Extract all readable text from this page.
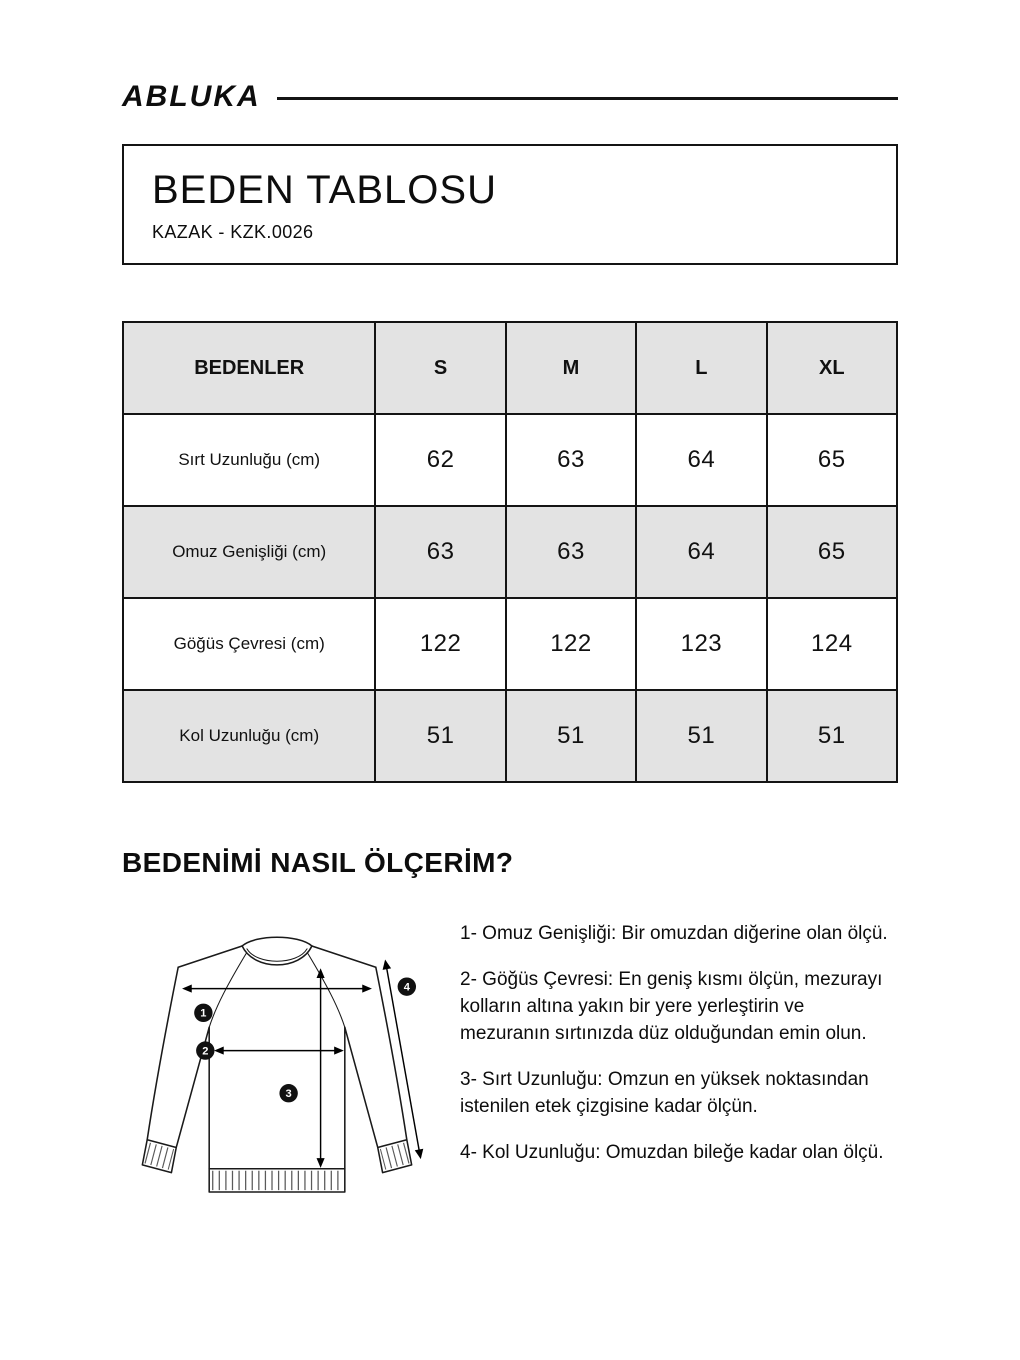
ABLUKA
BEDEN TABLOSU
KAZAK - KZK.0026
BEDENLER	S	M	L	XL
Sırt Uzunluğu (cm)	62	63	64	65
Omuz Genişliği (cm)	63	63	64	65
Göğüs Çevresi (cm)	122	122	123	124
Kol Uzunluğu (cm)	51	51	51	51
BEDENİMİ NASIL ÖLÇERİM?
1
2
3
4

1- Omuz Genişliği: Bir omuzdan diğerine olan ölçü.

2- Göğüs Çevresi: En geniş kısmı ölçün, mezurayı kolların altına yakın bir yere yerleştirin ve mezuranın sırtınızda düz olduğundan emin olun.

3- Sırt Uzunluğu: Omzun en yüksek noktasından istenilen etek çizgisine kadar ölçün.

4- Kol Uzunluğu: Omuzdan bileğe kadar olan ölçü.
